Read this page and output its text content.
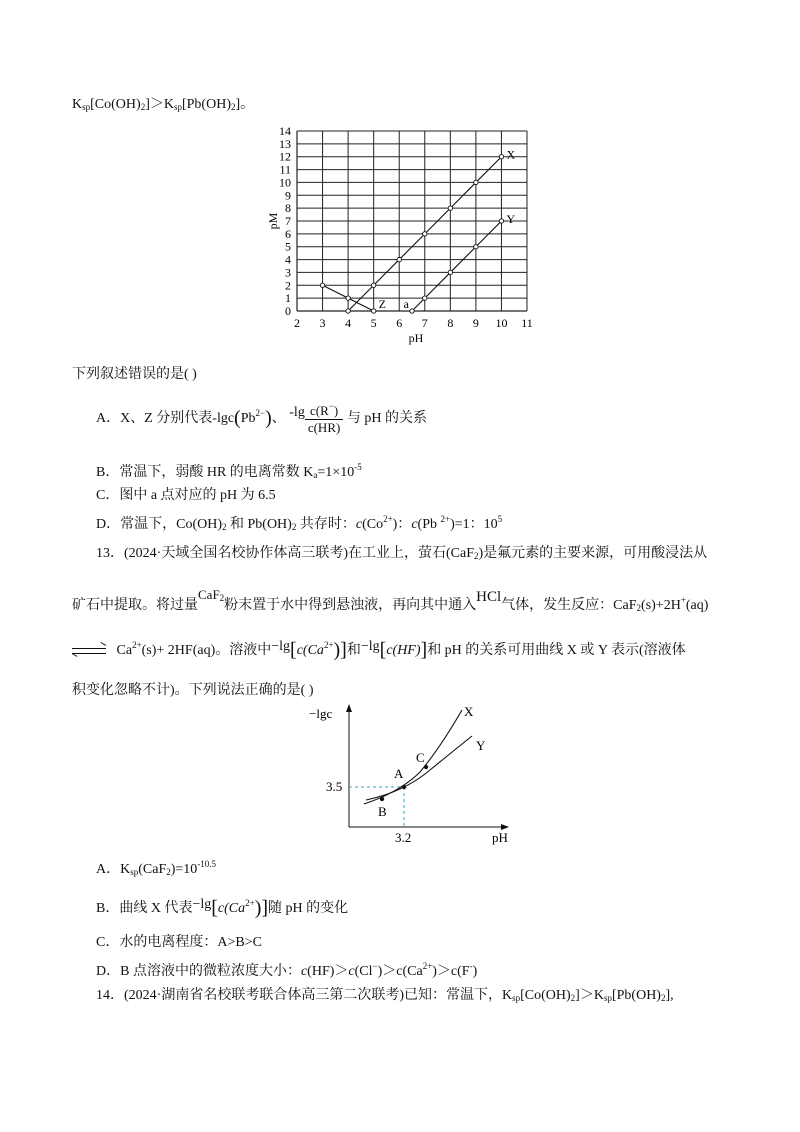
$K_{sp}[Co(OH)_2]>K_{sp}[Pb(OH)_2]$。
2 3 4 5 6 7 8 9 10 11
0
1
2
3
4
5
6
7
8
9
10
11
12
13
14
pH
pM
X
Y
Z a
下列叙述错误的是( )
A．X、Z 分别代表$-\lg c(Pb^{2-})$、 $-\lg \frac{c(R^-)}{c(HR)}$ 与 pH 的关系
B．常温下，弱酸 HR 的电离常数 $K_a=1\times 10^{-5}$
C．图中 a 点对应的 pH 为 6.5
D．常温下，$Co(OH)_2$ 和 $Pb(OH)_2$ 共存时：$c(Co^{2+})$：c(Pb $^{2+}$)=1：$10^5$
13．(2024·天域全国名校协作体高三联考)在工业上，萤石(CaF$_2$)是氟元素的主要来源，可用酸浸法从
矿石中提取。将过量CaF$_2$粉末置于水中得到悬浊液，再向其中通入HCl气体，发生反应：CaF$_2$(s)+2H+(aq)
$Ca^{2+}(s)+ 2HF(aq)$。溶液中$-\lg[c(Ca^{2+})]$和−lg[c(HF)]和 pH 的关系可用曲线 X 或 Y 表示(溶液体
积变化忽略不计)。下列说法正确的是( )
−lgc
pH
3.5
3.2
X
Y
A
B
C
A．$K_{sp}(CaF_2)=10^{-10.5}$
B．曲线 X 代表$-\lg[c(Ca^{2+})]$随 pH 的变化
C．水的电离程度：A>B>C
D．B 点溶液中的微粒浓度大小：$c(HF)>c(Cl^-)>c(Ca^{2+})>c(F^-)$
14．(2024·湖南省名校联考联合体高三第二次联考)已知：常温下，$K_{sp}[Co(OH)_2]>K_{sp}[Pb(OH)_2]$,
